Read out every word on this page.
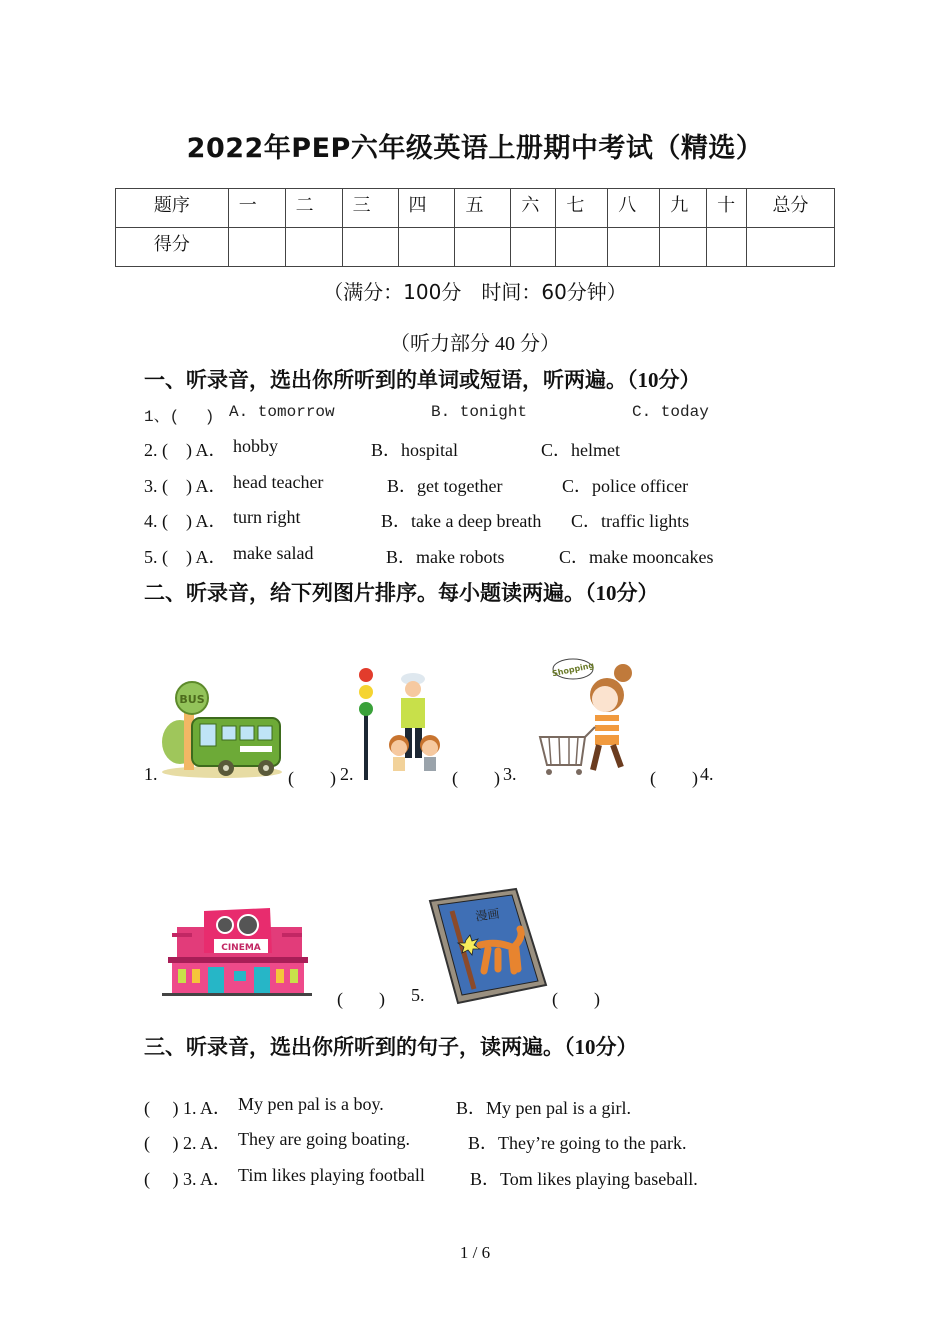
2022年PEP六年级英语上册期中考试（精选）
题序	一	二	三	四	五	六	七	八	九	十	总分
得分											
（满分：100分　时间：60分钟）
（听力部分 40 分）
一、听录音，选出你所听到的单词或短语，听两遍。（10分）
1、(　 ) A. tomorrow	B. tonight	C. today
2. (　) A． hobby	B．hospital	C．helmet
3. (　) A． head teacher	B．get together	C．police officer
4. (　) A． turn right	B．take a deep breath C．traffic lights
5. (　) A． make salad	B．make robots	C．make mooncakes
二、听录音，给下列图片排序。每小题读两遍。（10分）
1.
BUS
(　　) 2.	(　　) 3.
Shopping
(　　) 4.
CINEMA
(　　) 5.
漫画
(　　)
三、听录音，选出你所听到的句子，读两遍。（10分）
(　 ) 1. A． My pen pal is a boy.	B．My pen pal is a girl.
(　 ) 2. A． They are going boating.	B．They’re going to the park.
(　 ) 3. A． Tim likes playing football	B．Tom likes playing baseball.
1 / 6
